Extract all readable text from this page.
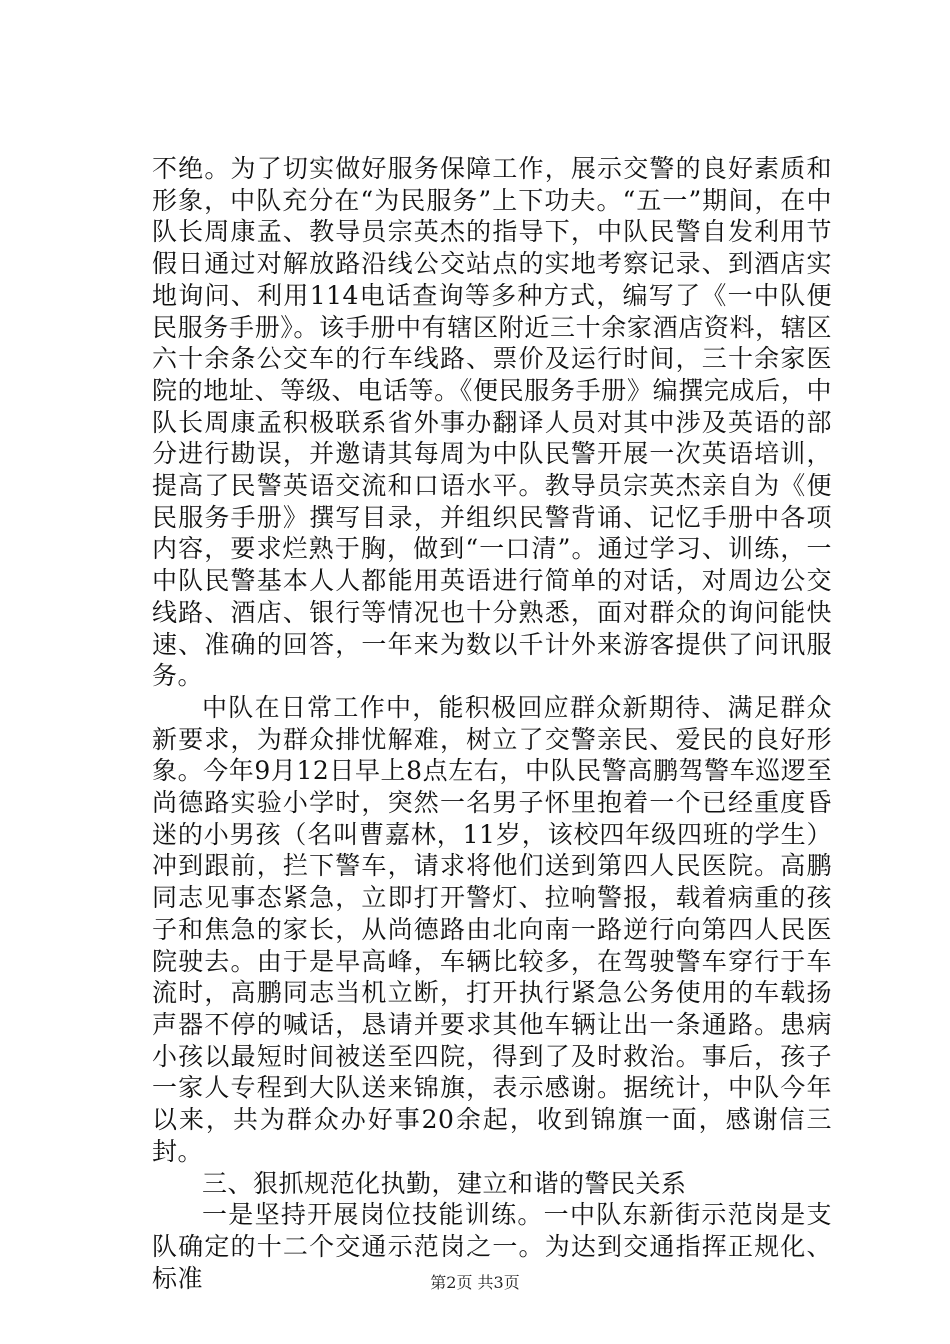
不绝。为了切实做好服务保障工作，展示交警的良好素质和形象，中队充分在“为民服务”上下功夫。“五一”期间，在中队长周康孟、教导员宗英杰的指导下，中队民警自发利用节假日通过对解放路沿线公交站点的实地考察记录、到酒店实地询问、利用114电话查询等多种方式，编写了《一中队便民服务手册》。该手册中有辖区附近三十余家酒店资料，辖区六十余条公交车的行车线路、票价及运行时间，三十余家医院的地址、等级、电话等。《便民服务手册》编撰完成后，中队长周康孟积极联系省外事办翻译人员对其中涉及英语的部分进行勘误，并邀请其每周为中队民警开展一次英语培训，提高了民警英语交流和口语水平。教导员宗英杰亲自为《便民服务手册》撰写目录，并组织民警背诵、记忆手册中各项内容，要求烂熟于胸，做到“一口清”。通过学习、训练，一中队民警基本人人都能用英语进行简单的对话，对周边公交线路、酒店、银行等情况也十分熟悉，面对群众的询问能快速、准确的回答，一年来为数以千计外来游客提供了问讯服务。

中队在日常工作中，能积极回应群众新期待、满足群众新要求，为群众排忧解难，树立了交警亲民、爱民的良好形象。今年9月12日早上8点左右，中队民警高鹏驾警车巡逻至尚德路实验小学时，突然一名男子怀里抱着一个已经重度昏迷的小男孩（名叫曹嘉林，11岁，该校四年级四班的学生）冲到跟前，拦下警车，请求将他们送到第四人民医院。高鹏同志见事态紧急，立即打开警灯、拉响警报，载着病重的孩子和焦急的家长，从尚德路由北向南一路逆行向第四人民医院驶去。由于是早高峰，车辆比较多，在驾驶警车穿行于车流时，高鹏同志当机立断，打开执行紧急公务使用的车载扬声器不停的喊话，恳请并要求其他车辆让出一条通路。患病小孩以最短时间被送至四院，得到了及时救治。事后，孩子一家人专程到大队送来锦旗，表示感谢。据统计，中队今年以来，共为群众办好事20余起，收到锦旗一面，感谢信三封。

三、狠抓规范化执勤，建立和谐的警民关系

一是坚持开展岗位技能训练。一中队东新街示范岗是支队确定的十二个交通示范岗之一。为达到交通指挥正规化、标准	第2页 共3页
